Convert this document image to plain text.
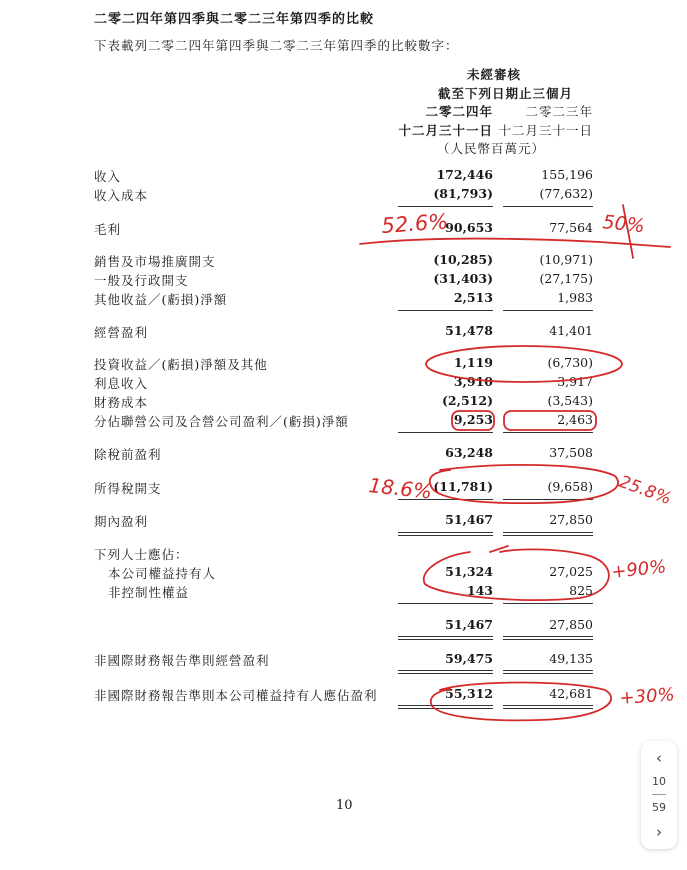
二零二四年第四季與二零二三年第四季的比較
下表載列二零二四年第四季與二零二三年第四季的比較數字：
未經審核
截至下列日期止三個月
二零二四年	二零二三年
十二月三十一日 十二月三十一日
（人民幣百萬元）
收入	172,446	155,196
收入成本	(81,793)	(77,632)
毛利	90,653	77,564
銷售及市場推廣開支	(10,285)	(10,971)
一般及行政開支	(31,403)	(27,175)
其他收益／(虧損)淨額	2,513	1,983
經營盈利	51,478	41,401
投資收益／(虧損)淨額及其他	1,119	(6,730)
利息收入	3,910	3,917
財務成本	(2,512)	(3,543)
分佔聯營公司及合營公司盈利／(虧損)淨額	9,253	2,463
除稅前盈利	63,248	37,508
所得稅開支	(11,781)	(9,658)
期內盈利	51,467	27,850
下列人士應佔：
本公司權益持有人	51,324	27,025
非控制性權益	143	825
51,467	27,850
非國際財務報告準則經營盈利	59,475	49,135
非國際財務報告準則本公司權益持有人應佔盈利	55,312	42,681
10
52.6%	50%
18.6%	25.8%
+90%
+30%
‹
10
59
›
